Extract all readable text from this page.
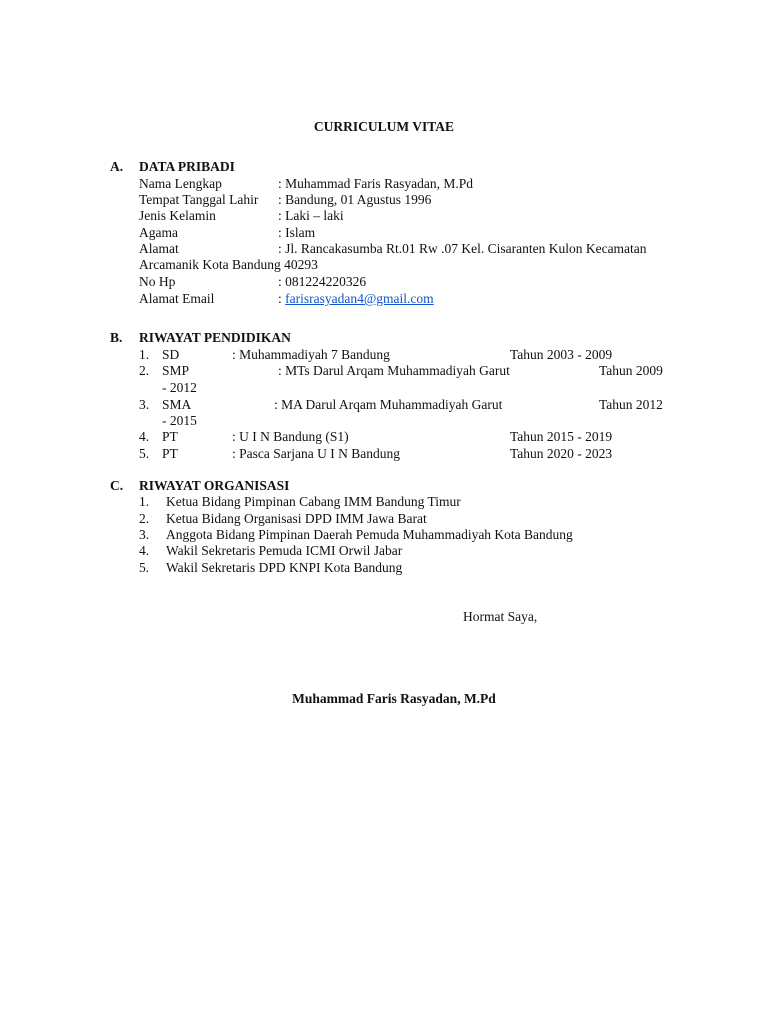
CURRICULUM VITAE
A. DATA PRIBADI
Nama Lengkap	: Muhammad Faris Rasyadan, M.Pd
Tempat Tanggal Lahir : Bandung, 01 Agustus 1996
Jenis Kelamin	: Laki – laki
Agama	: Islam
Alamat	: Jl. Rancakasumba Rt.01 Rw .07 Kel. Cisaranten Kulon Kecamatan
Arcamanik Kota Bandung 40293
No Hp	: 081224220326
Alamat Email	: farisrasyadan4@gmail.com
B. RIWAYAT PENDIDIKAN
1. SD	: Muhammadiyah 7 Bandung	Tahun 2003 - 2009
2. SMP	: MTs Darul Arqam Muhammadiyah Garut	Tahun 2009
- 2012
3. SMA	: MA Darul Arqam Muhammadiyah Garut	Tahun 2012
- 2015
4. PT	: U I N Bandung (S1)	Tahun 2015 - 2019
5. PT	: Pasca Sarjana U I N Bandung	Tahun 2020 - 2023
C. RIWAYAT ORGANISASI
1. Ketua Bidang Pimpinan Cabang IMM Bandung Timur
2. Ketua Bidang Organisasi DPD IMM Jawa Barat
3. Anggota Bidang Pimpinan Daerah Pemuda Muhammadiyah Kota Bandung
4. Wakil Sekretaris Pemuda ICMI Orwil Jabar
5. Wakil Sekretaris DPD KNPI Kota Bandung
Hormat Saya,
Muhammad Faris Rasyadan, M.Pd
